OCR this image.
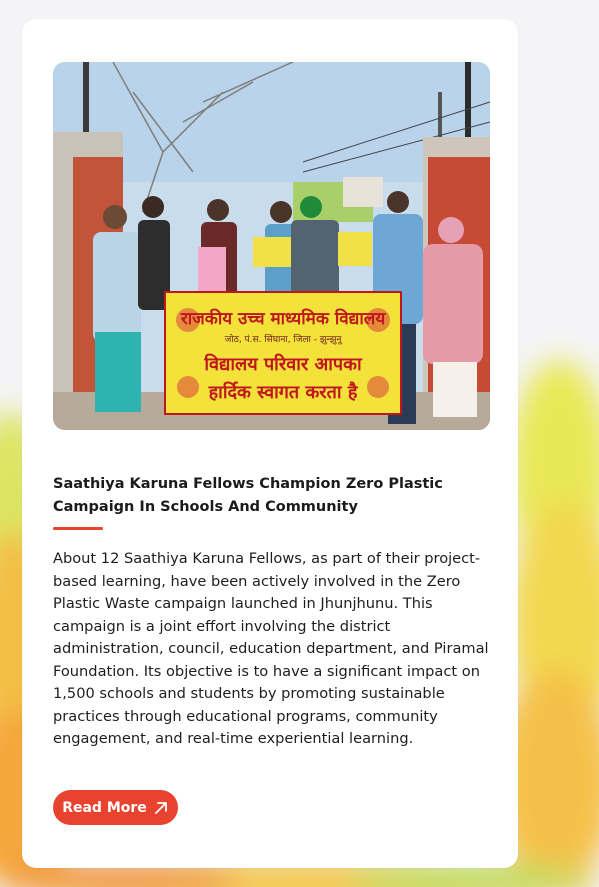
राजकीय उच्च माध्यमिक विद्यालय
जोठ, पं.स. सिंघाना, जिला - झुन्झुनू
विद्यालय परिवार आपका
हार्दिक स्वागत करता है
Saathiya Karuna Fellows Champion Zero Plastic Campaign In Schools And Community
About 12 Saathiya Karuna Fellows, as part of their project-based learning, have been actively involved in the Zero Plastic Waste campaign launched in Jhunjhunu. This campaign is a joint effort involving the district administration, council, education department, and Piramal Foundation. Its objective is to have a significant impact on 1,500 schools and students by promoting sustainable practices through educational programs, community engagement, and real-time experiential learning.
Read More
